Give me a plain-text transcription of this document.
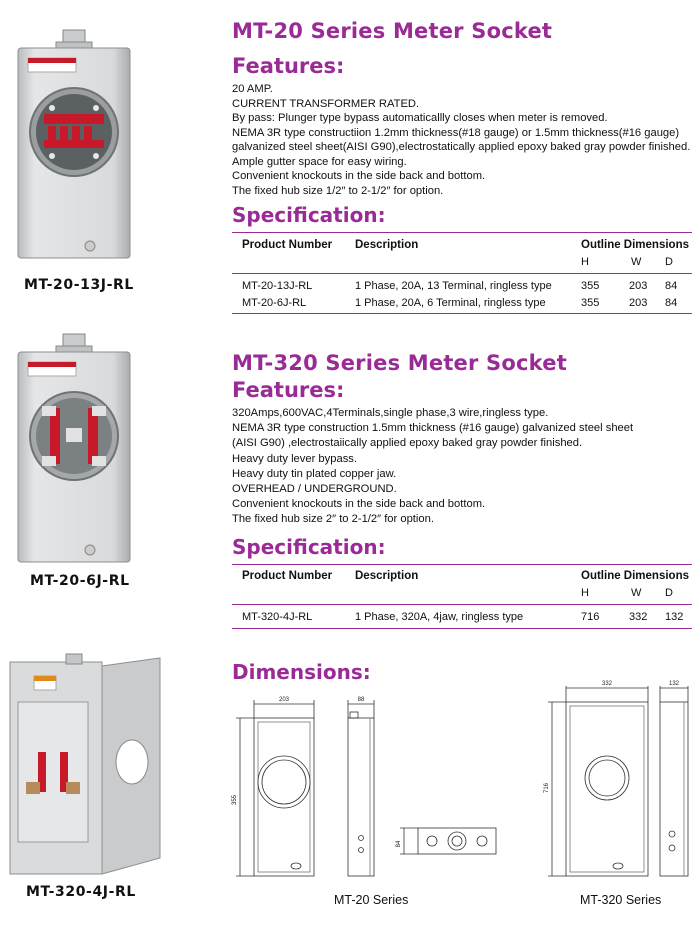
MT-20-13J-RL
MT-20-6J-RL
MT-320-4J-RL
MT-20 Series Meter Socket
Features:
20 AMP.
CURRENT TRANSFORMER RATED.
By pass: Plunger type bypass automaticallly closes when meter is removed.
NEMA 3R type constructiion 1.2mm thickness(#18 gauge) or 1.5mm thickness(#16 gauge)
galvanized steel sheet(AISI G90),electrostatically applied epoxy baked gray powder finished.
Ample gutter space for easy wiring.
Convenient knockouts in the side back and bottom.
The fixed hub size 1/2″ to 2-1/2″ for option.
Specification:
Product Number Description	Outline Dimensions
H	W D
MT-20-13J-RL	1 Phase, 20A, 13 Terminal, ringless type	355	203 84
MT-20-6J-RL	1 Phase, 20A, 6 Terminal, ringless type	355	203 84
MT-320 Series Meter Socket
Features:
320Amps,600VAC,4Terminals,single phase,3 wire,ringless type.
NEMA 3R type construction 1.5mm thickness (#16 gauge) galvanized steel sheet
(AISI G90) ,electrostaiically applied epoxy baked gray powder finished.
Heavy duty lever bypass.
Heavy duty tin plated copper jaw.
OVERHEAD / UNDERGROUND.
Convenient knockouts in the side back and bottom.
The fixed hub size 2″ to 2-1/2″ for option.
Specification:
Product Number Description	Outline Dimensions
H	W D
MT-320-4J-RL	1 Phase, 320A, 4jaw, ringless type	716	332 132
Dimensions:
203	88
355
84
332	132
716
MT-20 Series	MT-320 Series
